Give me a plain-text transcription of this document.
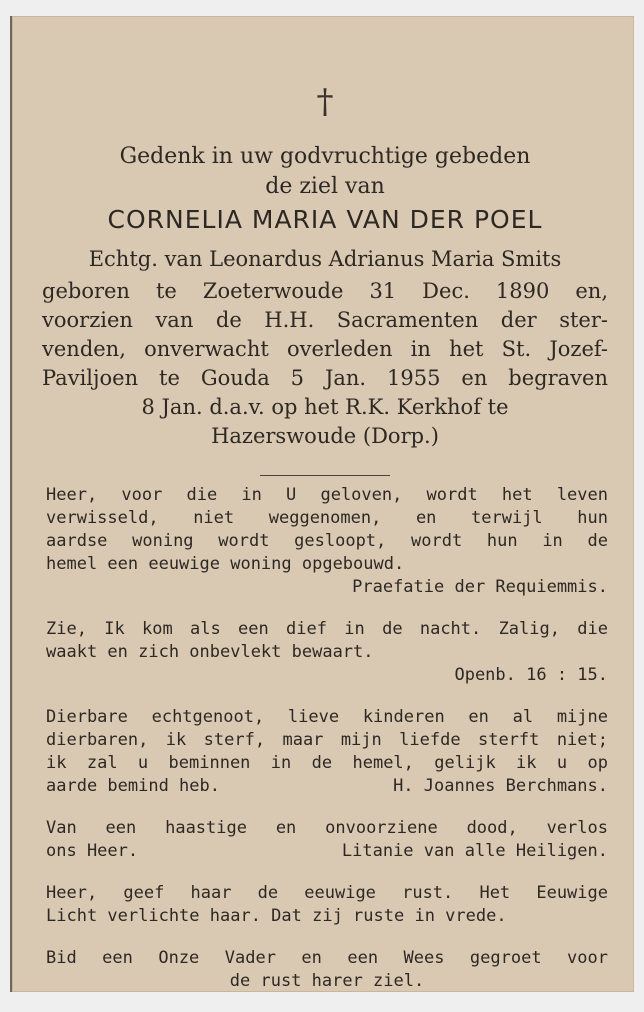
†
Gedenk in uw godvruchtige gebeden
de ziel van
CORNELIA MARIA VAN DER POEL
Echtg. van Leonardus Adrianus Maria Smits
geboren te Zoeterwoude 31 Dec. 1890 en,
voorzien van de H.H. Sacramenten der ster-
venden, onverwacht overleden in het St. Jozef-
Paviljoen te Gouda 5 Jan. 1955 en begraven
8 Jan. d.a.v. op het R.K. Kerkhof te
Hazerswoude (Dorp.)
Heer, voor die in U geloven, wordt het leven
verwisseld, niet weggenomen, en terwijl hun
aardse woning wordt gesloopt, wordt hun in de
hemel een eeuwige woning opgebouwd.
Praefatie der Requiemmis.
Zie, Ik kom als een dief in de nacht. Zalig, die
waakt en zich onbevlekt bewaart.
Openb. 16 : 15.
Dierbare echtgenoot, lieve kinderen en al mijne
dierbaren, ik sterf, maar mijn liefde sterft niet;
ik zal u beminnen in de hemel, gelijk ik u op
aarde bemind heb.	H. Joannes Berchmans.
Van een haastige en onvoorziene dood, verlos
ons Heer.	Litanie van alle Heiligen.
Heer, geef haar de eeuwige rust. Het Eeuwige
Licht verlichte haar. Dat zij ruste in vrede.
Bid een Onze Vader en een Wees gegroet voor
de rust harer ziel.
